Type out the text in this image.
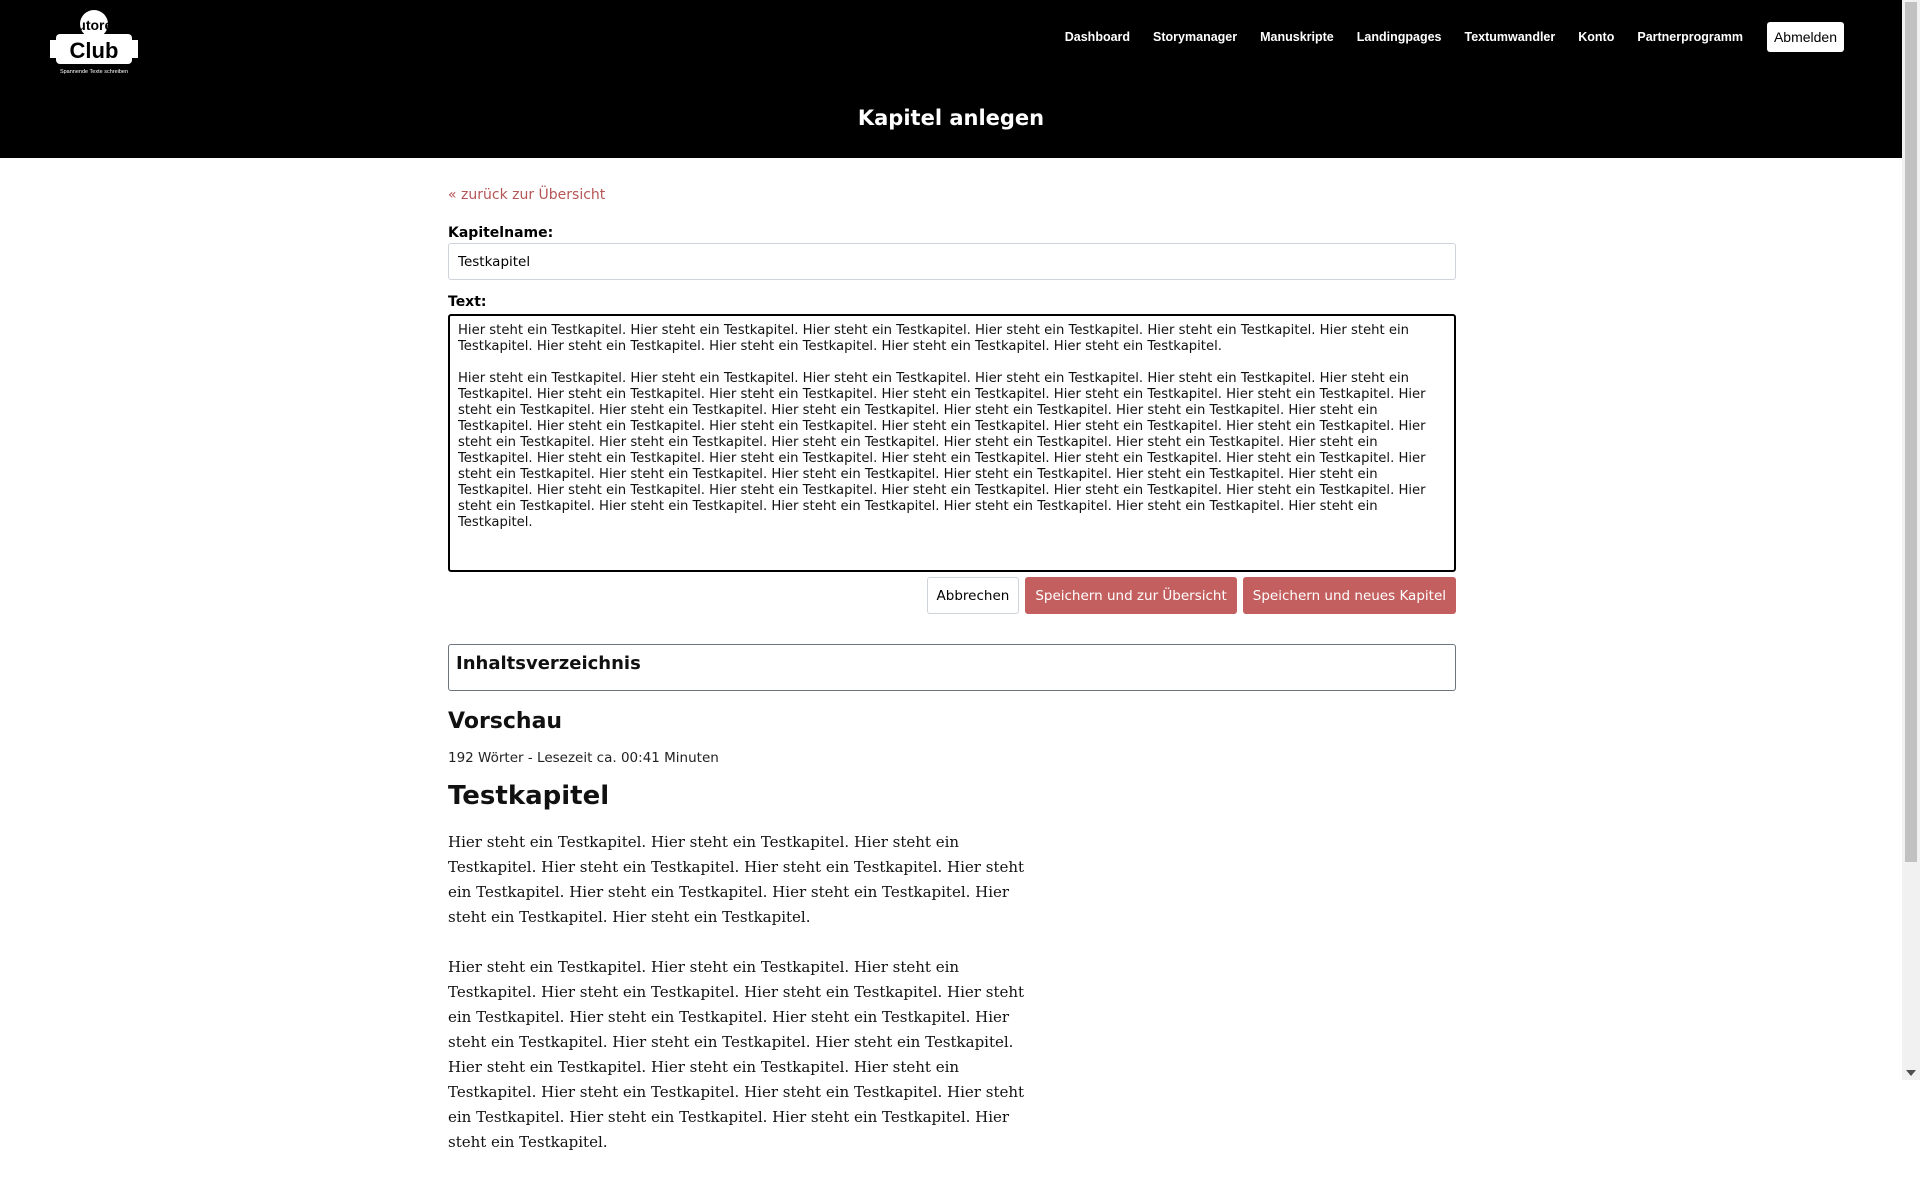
Autoren
Club
Spannende Texte schreiben
Dashboard Storymanager Manuskripte Landingpages Textumwandler Konto Partnerprogramm	Abmelden
Kapitel anlegen
« zurück zur Übersicht
Kapitelname:
Testkapitel
Text:
Hier steht ein Testkapitel. Hier steht ein Testkapitel. Hier steht ein Testkapitel. Hier steht ein Testkapitel. Hier steht ein Testkapitel. Hier steht ein Testkapitel. Hier steht ein Testkapitel. Hier steht ein Testkapitel. Hier steht ein Testkapitel. Hier steht ein Testkapitel. Hier steht ein Testkapitel. Hier steht ein Testkapitel. Hier steht ein Testkapitel. Hier steht ein Testkapitel. Hier steht ein Testkapitel. Hier steht ein Testkapitel. Hier steht ein Testkapitel. Hier steht ein Testkapitel. Hier steht ein Testkapitel. Hier steht ein Testkapitel. Hier steht ein Testkapitel. Hier steht ein Testkapitel. Hier steht ein Testkapitel. Hier steht ein Testkapitel. Hier steht ein Testkapitel. Hier steht ein Testkapitel. Hier steht ein Testkapitel. Hier steht ein Testkapitel. Hier steht ein Testkapitel. Hier steht ein Testkapitel. Hier steht ein Testkapitel. Hier steht ein Testkapitel. Hier steht ein Testkapitel. Hier steht ein Testkapitel. Hier steht ein Testkapitel. Hier steht ein Testkapitel. Hier steht ein Testkapitel. Hier steht ein Testkapitel. Hier steht ein Testkapitel. Hier steht ein Testkapitel. Hier steht ein Testkapitel. Hier steht ein Testkapitel. Hier steht ein Testkapitel. Hier steht ein Testkapitel. Hier steht ein Testkapitel. Hier steht ein Testkapitel. Hier steht ein Testkapitel. Hier steht ein Testkapitel. Hier steht ein Testkapitel. Hier steht ein Testkapitel. Hier steht ein Testkapitel. Hier steht ein Testkapitel. Hier steht ein Testkapitel. Hier steht ein Testkapitel. Hier steht ein Testkapitel. Hier steht ein Testkapitel. Hier steht ein Testkapitel. Hier steht ein Testkapitel. Hier steht ein Testkapitel. Hier steht ein Testkapitel.
Abbrechen	Speichern und zur Übersicht	Speichern und neues Kapitel
Inhaltsverzeichnis
Vorschau
192 Wörter - Lesezeit ca. 00:41 Minuten
Testkapitel

Hier steht ein Testkapitel. Hier steht ein Testkapitel. Hier steht ein Testkapitel. Hier steht ein Testkapitel. Hier steht ein Testkapitel. Hier steht ein Testkapitel. Hier steht ein Testkapitel. Hier steht ein Testkapitel. Hier steht ein Testkapitel. Hier steht ein Testkapitel.

Hier steht ein Testkapitel. Hier steht ein Testkapitel. Hier steht ein Testkapitel. Hier steht ein Testkapitel. Hier steht ein Testkapitel. Hier steht ein Testkapitel. Hier steht ein Testkapitel. Hier steht ein Testkapitel. Hier steht ein Testkapitel. Hier steht ein Testkapitel. Hier steht ein Testkapitel. Hier steht ein Testkapitel. Hier steht ein Testkapitel. Hier steht ein Testkapitel. Hier steht ein Testkapitel. Hier steht ein Testkapitel. Hier steht ein Testkapitel. Hier steht ein Testkapitel. Hier steht ein Testkapitel. Hier steht ein Testkapitel.
